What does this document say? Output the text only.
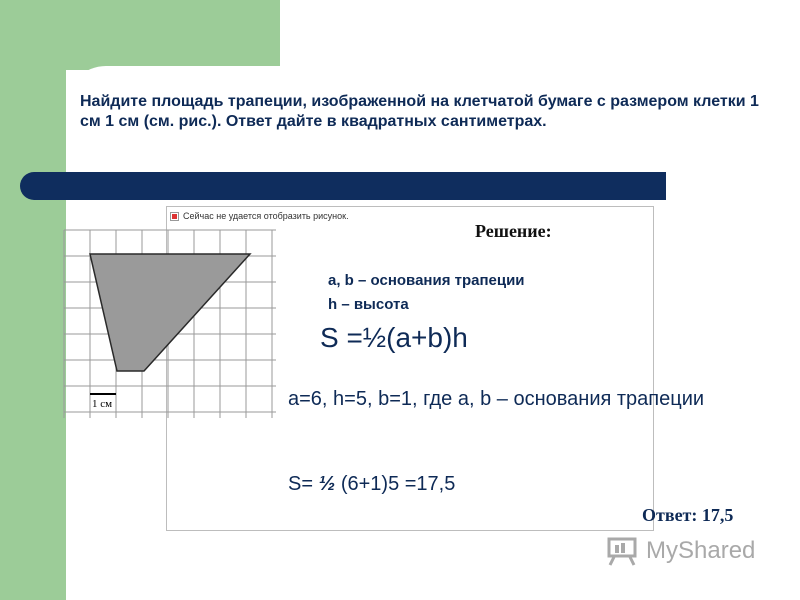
Найдите площадь трапеции, изображенной на клетчатой бумаге с размером клетки 1 см 1 см (см. рис.). Ответ дайте в квадратных сантиметрах.
Сейчас не удается отобразить рисунок.
1 см
Решение:
a, b – основания трапеции
h – высота
S =½(a+b)h
a=6, h=5, b=1, где a, b – основания трапеции
S= ½ (6+1)5 =17,5
Ответ: 17,5
MyShared
